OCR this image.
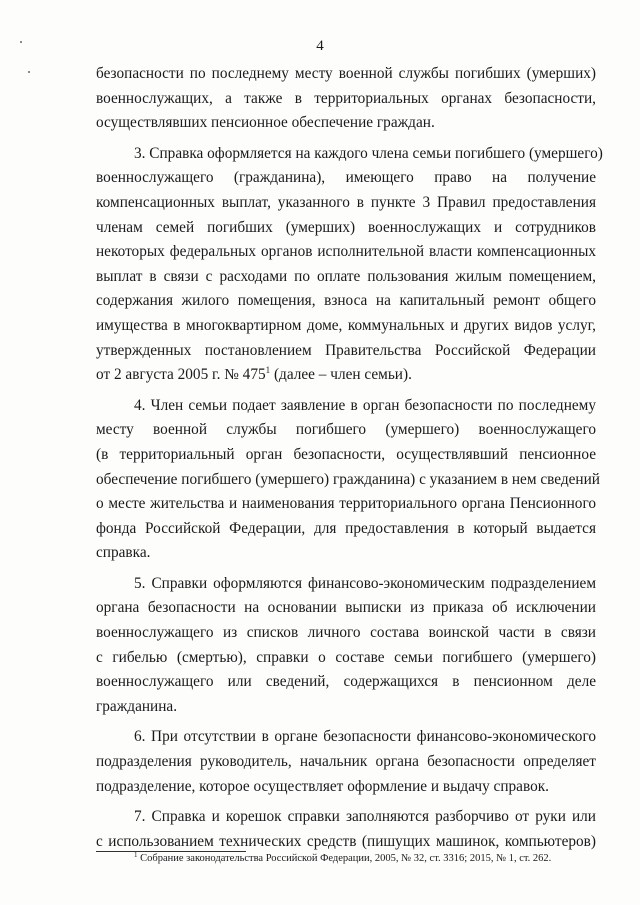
4
безопасности по последнему месту военной службы погибших (умерших)
военнослужащих, а также в территориальных органах безопасности,
осуществлявших пенсионное обеспечение граждан.
3. Справка оформляется на каждого члена семьи погибшего (умершего)
военнослужащего (гражданина), имеющего право на получение
компенсационных выплат, указанного в пункте 3 Правил предоставления
членам семей погибших (умерших) военнослужащих и сотрудников
некоторых федеральных органов исполнительной власти компенсационных
выплат в связи с расходами по оплате пользования жилым помещением,
содержания жилого помещения, взноса на капитальный ремонт общего
имущества в многоквартирном доме, коммунальных и других видов услуг,
утвержденных постановлением Правительства Российской Федерации
от 2 августа 2005 г. № $475^1$ (далее – член семьи).
4. Член семьи подает заявление в орган безопасности по последнему
месту военной службы погибшего (умершего) военнослужащего
(в территориальный орган безопасности, осуществлявший пенсионное
обеспечение погибшего (умершего) гражданина) с указанием в нем сведений
о месте жительства и наименования территориального органа Пенсионного
фонда Российской Федерации, для предоставления в который выдается
справка.
5. Справки оформляются финансово-экономическим подразделением
органа безопасности на основании выписки из приказа об исключении
военнослужащего из списков личного состава воинской части в связи
с гибелью (смертью), справки о составе семьи погибшего (умершего)
военнослужащего или сведений, содержащихся в пенсионном деле
гражданина.
6. При отсутствии в органе безопасности финансово-экономического
подразделения руководитель, начальник органа безопасности определяет
подразделение, которое осуществляет оформление и выдачу справок.
7. Справка и корешок справки заполняются разборчиво от руки или
с использованием технических средств (пишущих машинок, компьютеров)
$^1$ Собрание законодательства Российской Федерации, 2005, № 32, ст. 3316; 2015, № 1, ст. 262.
